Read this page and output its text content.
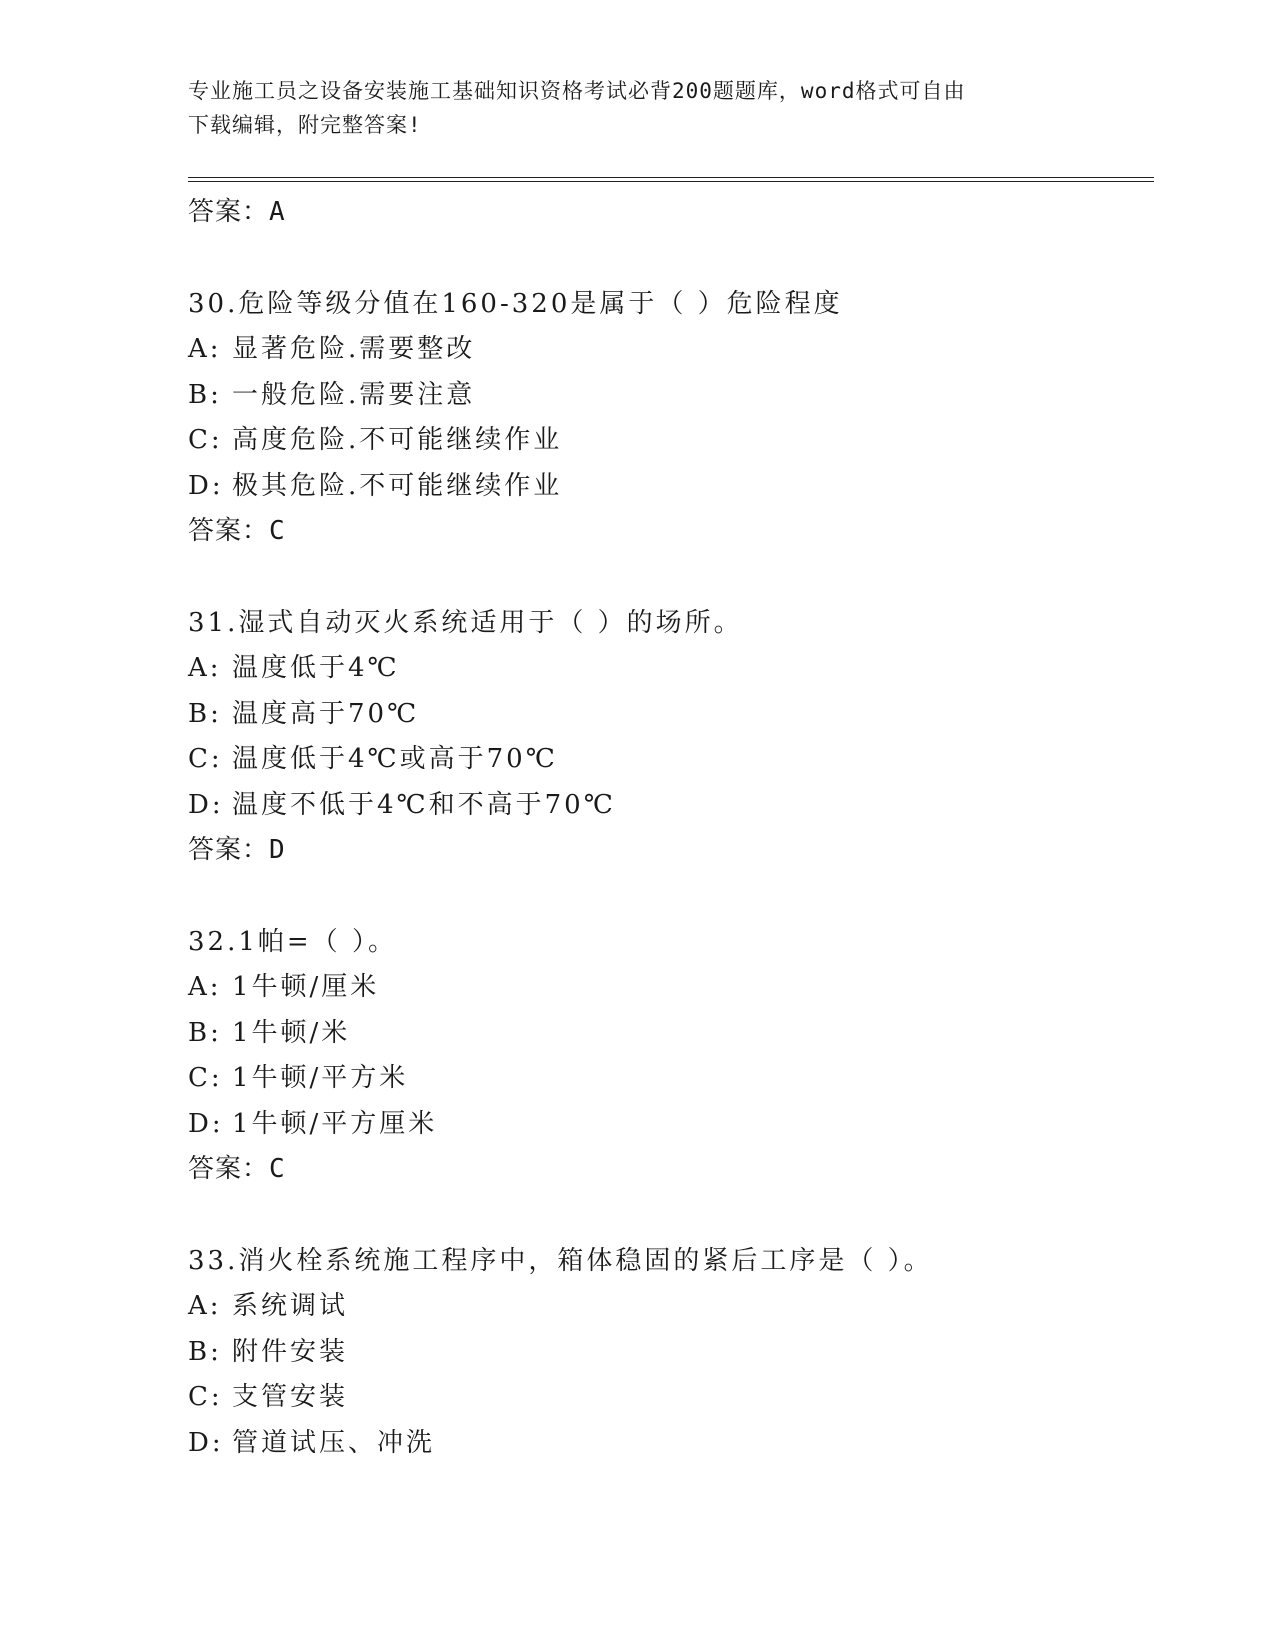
专业施工员之设备安装施工基础知识资格考试必背200题题库，word格式可自由
下载编辑，附完整答案!
答案：A
30.危险等级分值在160-320是属于（ ）危险程度
A: 显著危险.需要整改
B: 一般危险.需要注意
C: 高度危险.不可能继续作业
D: 极其危险.不可能继续作业
答案：C
31.湿式自动灭火系统适用于（ ）的场所。
A: 温度低于4℃
B: 温度高于70℃
C: 温度低于4℃或高于70℃
D: 温度不低于4℃和不高于70℃
答案：D
32.1帕=（ ）。
A: 1牛顿/厘米
B: 1牛顿/米
C: 1牛顿/平方米
D: 1牛顿/平方厘米
答案：C
33.消火栓系统施工程序中，箱体稳固的紧后工序是（ ）。
A: 系统调试
B: 附件安装
C: 支管安装
D: 管道试压、冲洗
